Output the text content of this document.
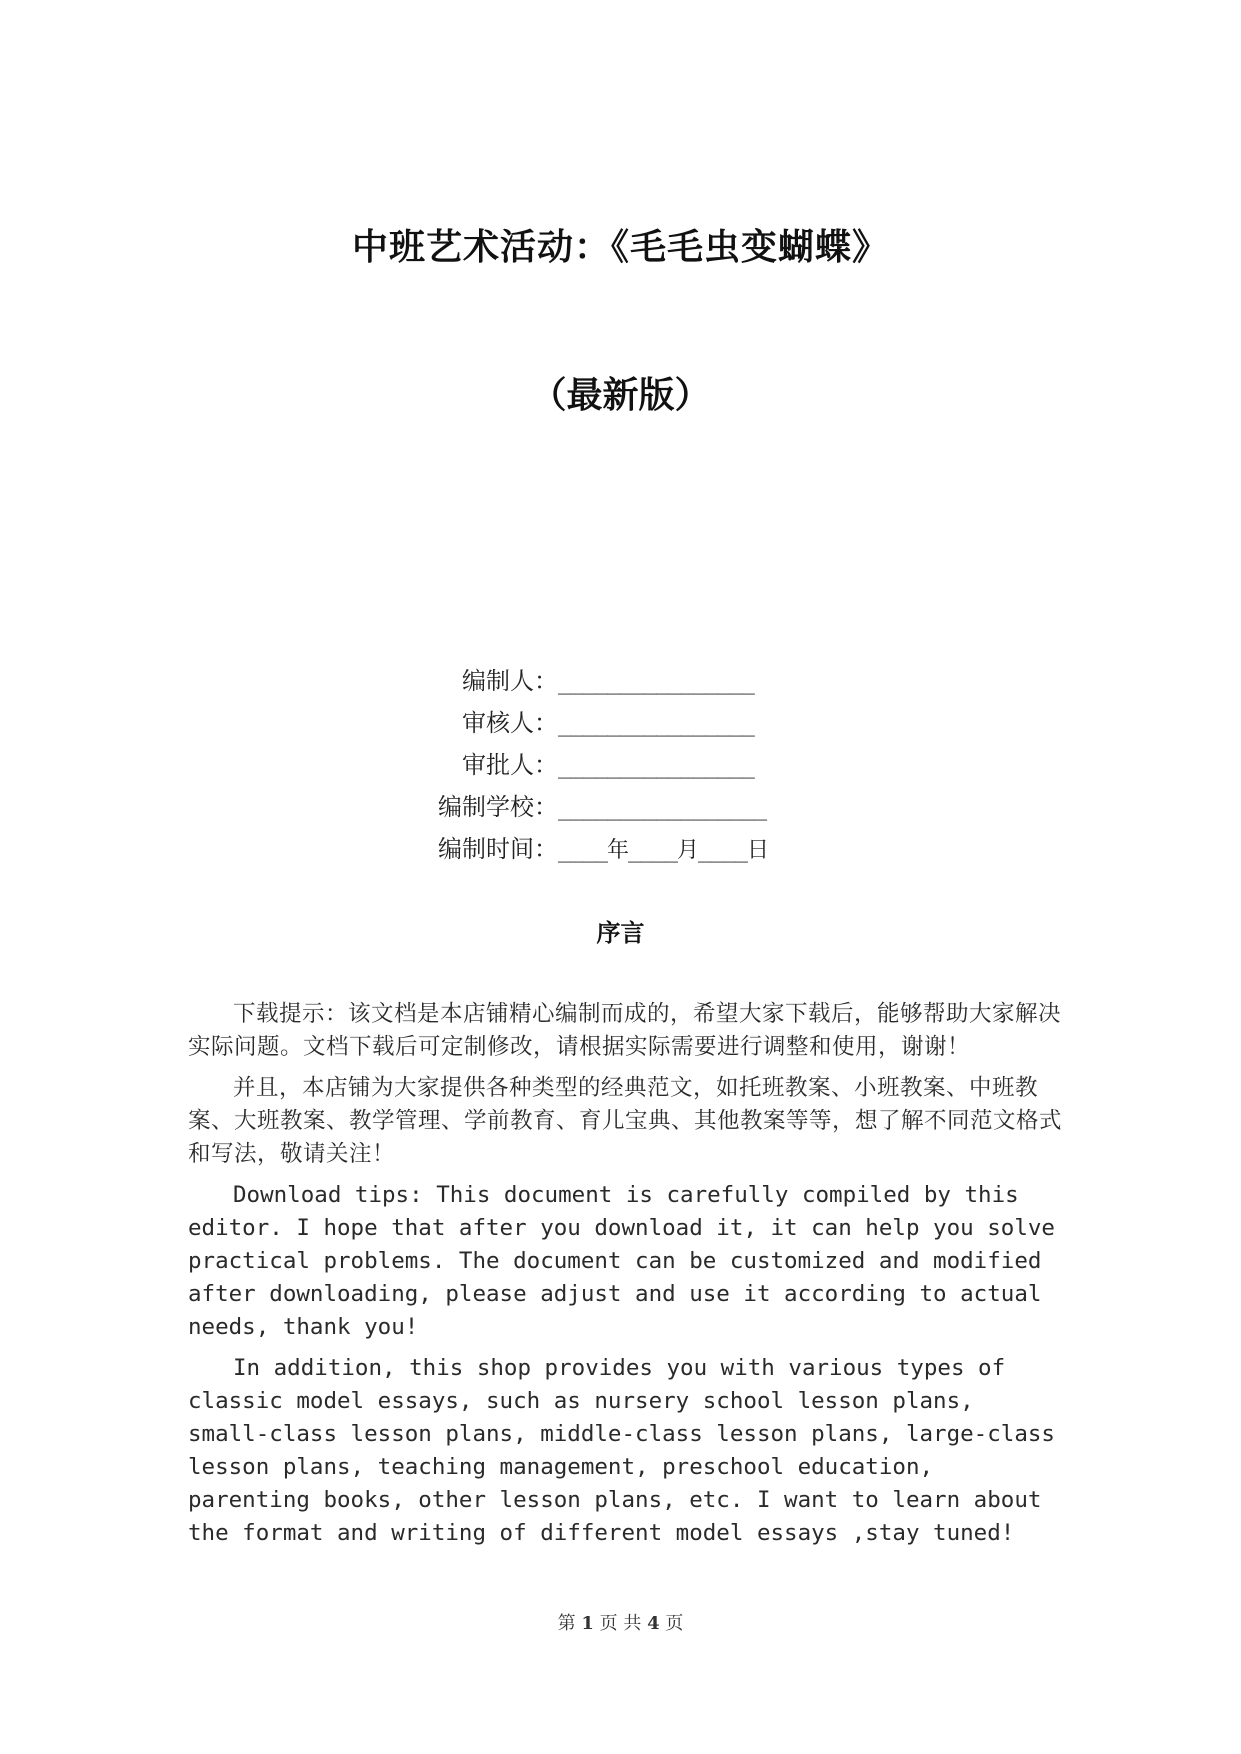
中班艺术活动：《毛毛虫变蝴蝶》
（最新版）
编制人：________________
审核人：________________
审批人：________________
编制学校：_________________
编制时间：____年____月____日
序言

下载提示：该文档是本店铺精心编制而成的，希望大家下载后，能够帮助大家解决实际问题。文档下载后可定制修改，请根据实际需要进行调整和使用，谢谢！

并且，本店铺为大家提供各种类型的经典范文，如托班教案、小班教案、中班教案、大班教案、教学管理、学前教育、育儿宝典、其他教案等等，想了解不同范文格式和写法，敬请关注！

Download tips: This document is carefully compiled by this editor. I hope that after you download it, it can help you solve practical problems. The document can be customized and modified after downloading, please adjust and use it according to actual needs, thank you!

In addition, this shop provides you with various types of classic model essays, such as nursery school lesson plans, small-class lesson plans, middle-class lesson plans, large-class lesson plans, teaching management, preschool education, parenting books, other lesson plans, etc. I want to learn about the format and writing of different model essays ,stay tuned!

第 1 页 共 4 页
